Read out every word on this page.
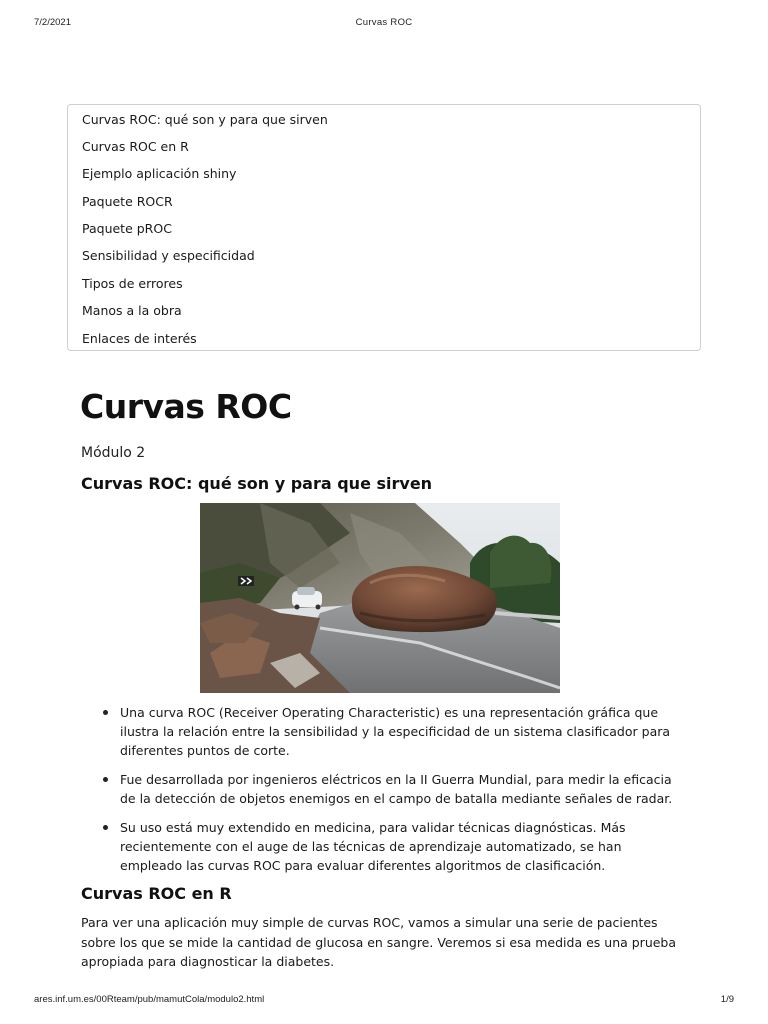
7/2/2021	Curvas ROC
Curvas ROC: qué son y para que sirven
Curvas ROC en R
Ejemplo aplicación shiny
Paquete ROCR
Paquete pROC
Sensibilidad y especificidad
Tipos de errores
Manos a la obra
Enlaces de interés
Curvas ROC

Módulo 2

Curvas ROC: qué son y para que sirven
Una curva ROC (Receiver Operating Characteristic) es una representación gráfica que ilustra la relación entre la sensibilidad y la especificidad de un sistema clasificador para diferentes puntos de corte.
Fue desarrollada por ingenieros eléctricos en la II Guerra Mundial, para medir la eficacia de la detección de objetos enemigos en el campo de batalla mediante señales de radar.
Su uso está muy extendido en medicina, para validar técnicas diagnósticas. Más recientemente con el auge de las técnicas de aprendizaje automatizado, se han empleado las curvas ROC para evaluar diferentes algoritmos de clasificación.
Curvas ROC en R

Para ver una aplicación muy simple de curvas ROC, vamos a simular una serie de pacientes sobre los que se mide la cantidad de glucosa en sangre. Veremos si esa medida es una prueba apropiada para diagnosticar la diabetes.

ares.inf.um.es/00Rteam/pub/mamutCola/modulo2.html	1/9
